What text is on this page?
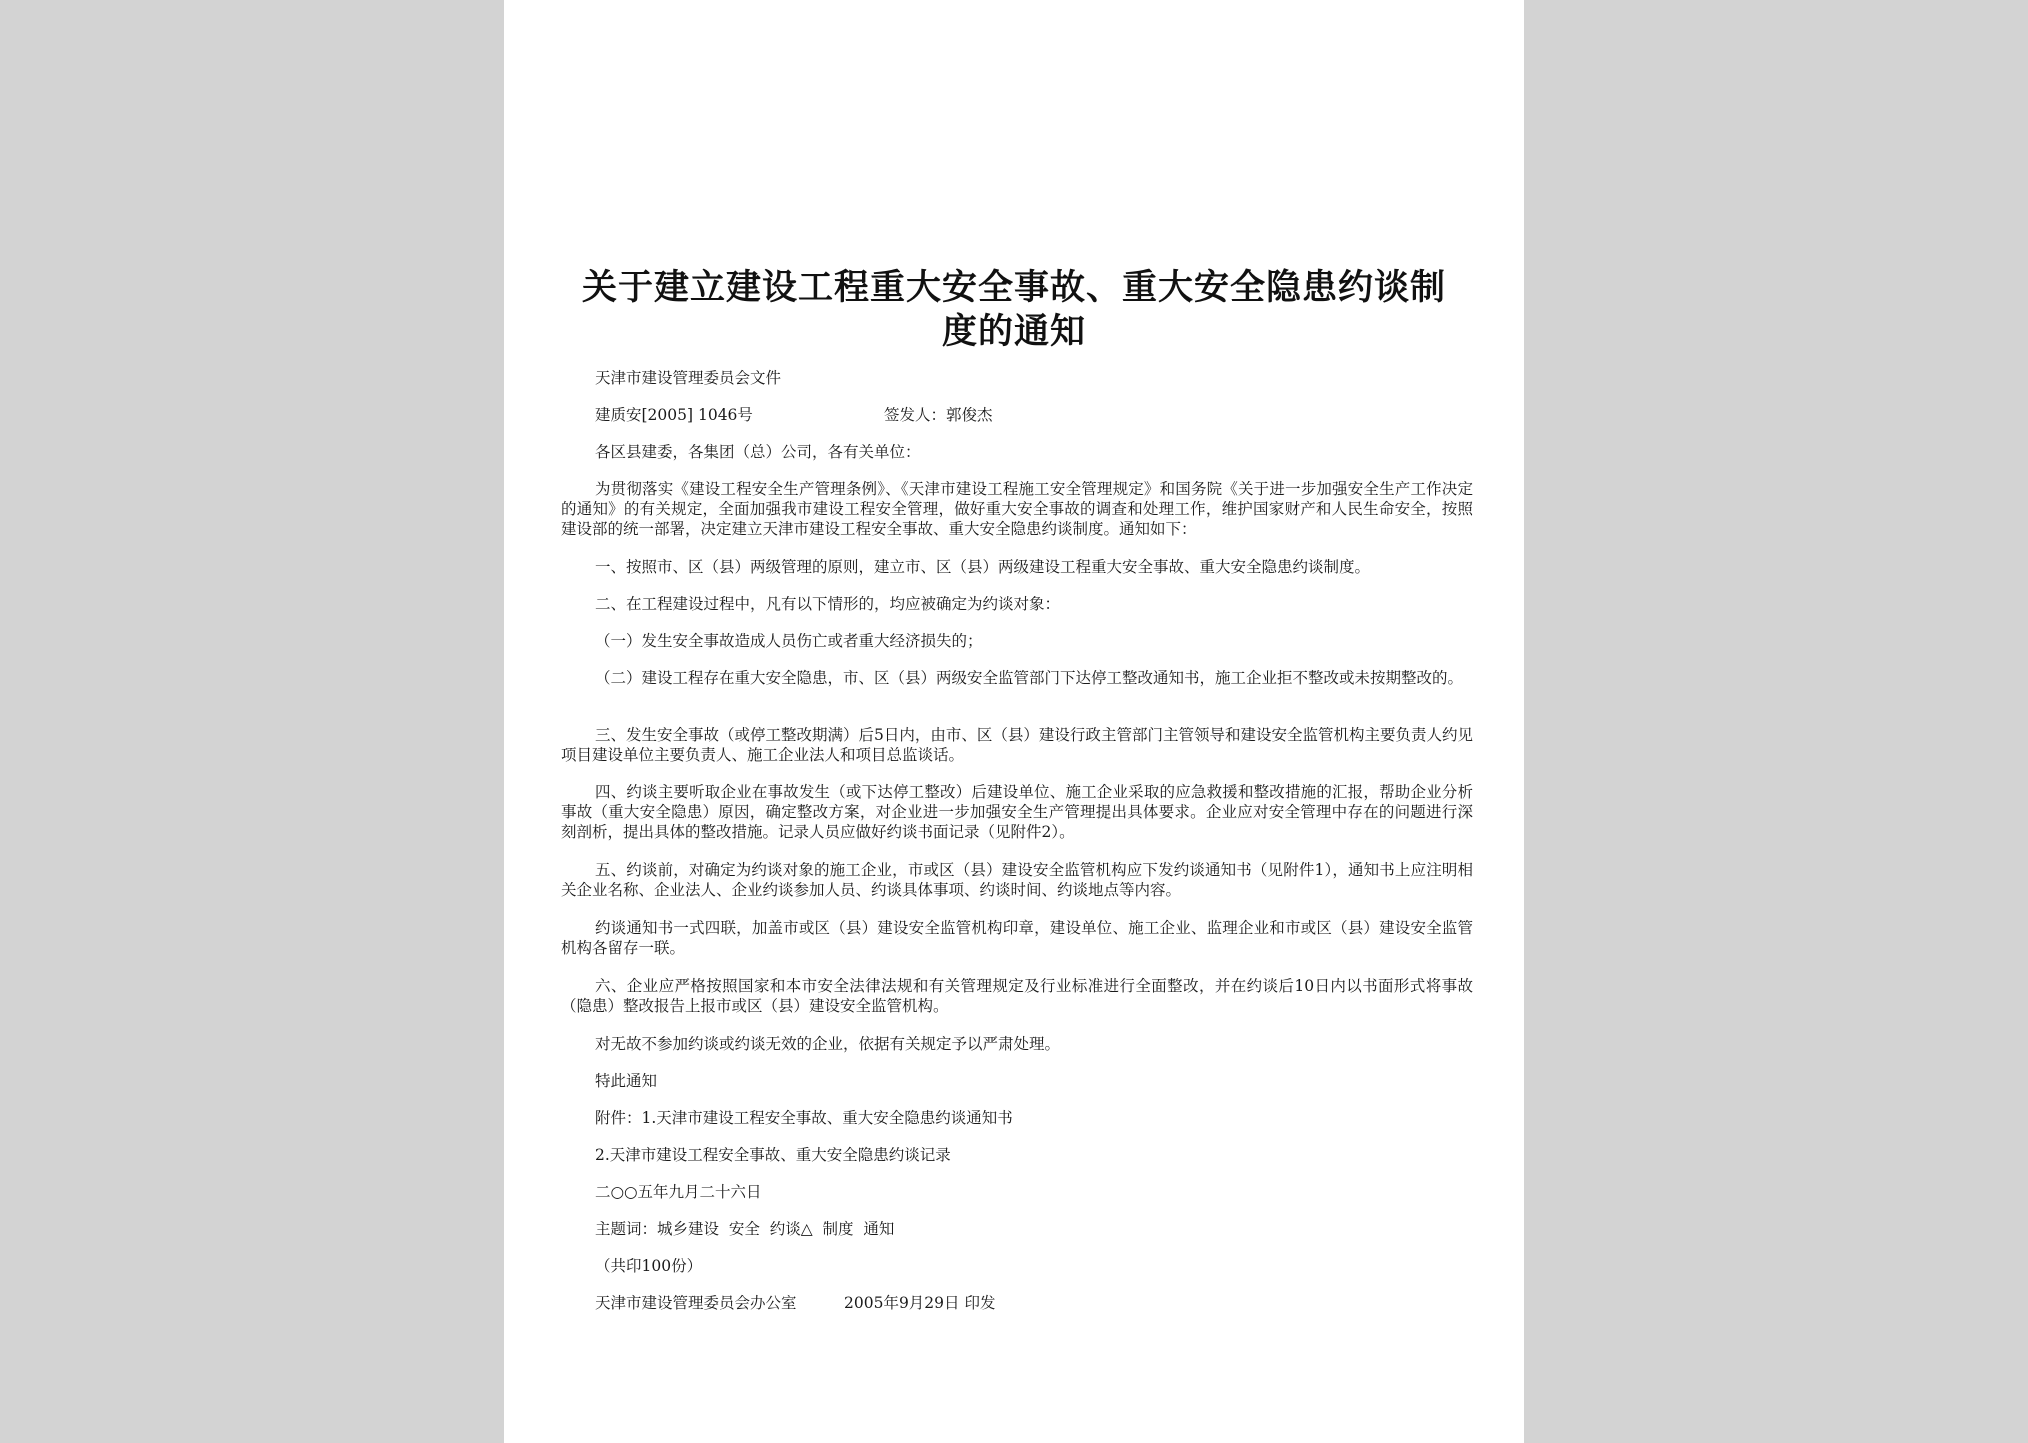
关于建立建设工程重大安全事故、重大安全隐患约谈制
度的通知
天津市建设管理委员会文件
建质安[2005] 1046号	签发人：郭俊杰
各区县建委，各集团（总）公司，各有关单位：
为贯彻落实《建设工程安全生产管理条例》、《天津市建设工程施工安全管理规定》和国务院《关于进一步加强安全生产工作决定的通知》的有关规定，全面加强我市建设工程安全管理，做好重大安全事故的调查和处理工作，维护国家财产和人民生命安全，按照建设部的统一部署，决定建立天津市建设工程安全事故、重大安全隐患约谈制度。通知如下：
一、按照市、区（县）两级管理的原则，建立市、区（县）两级建设工程重大安全事故、重大安全隐患约谈制度。
二、在工程建设过程中，凡有以下情形的，均应被确定为约谈对象：
（一）发生安全事故造成人员伤亡或者重大经济损失的；
（二）建设工程存在重大安全隐患，市、区（县）两级安全监管部门下达停工整改通知书，施工企业拒不整改或未按期整改的。
三、发生安全事故（或停工整改期满）后5日内，由市、区（县）建设行政主管部门主管领导和建设安全监管机构主要负责人约见项目建设单位主要负责人、施工企业法人和项目总监谈话。
四、约谈主要听取企业在事故发生（或下达停工整改）后建设单位、施工企业采取的应急救援和整改措施的汇报，帮助企业分析事故（重大安全隐患）原因，确定整改方案，对企业进一步加强安全生产管理提出具体要求。企业应对安全管理中存在的问题进行深刻剖析，提出具体的整改措施。记录人员应做好约谈书面记录（见附件2）。
五、约谈前，对确定为约谈对象的施工企业，市或区（县）建设安全监管机构应下发约谈通知书（见附件1），通知书上应注明相关企业名称、企业法人、企业约谈参加人员、约谈具体事项、约谈时间、约谈地点等内容。
约谈通知书一式四联，加盖市或区（县）建设安全监管机构印章，建设单位、施工企业、监理企业和市或区（县）建设安全监管机构各留存一联。
六、企业应严格按照国家和本市安全法律法规和有关管理规定及行业标准进行全面整改，并在约谈后10日内以书面形式将事故（隐患）整改报告上报市或区（县）建设安全监管机构。
对无故不参加约谈或约谈无效的企业，依据有关规定予以严肃处理。
特此通知
附件：1.天津市建设工程安全事故、重大安全隐患约谈通知书
2.天津市建设工程安全事故、重大安全隐患约谈记录
二○○五年九月二十六日
主题词：城乡建设  安全  约谈△  制度  通知
（共印100份）
天津市建设管理委员会办公室	2005年9月29日 印发
